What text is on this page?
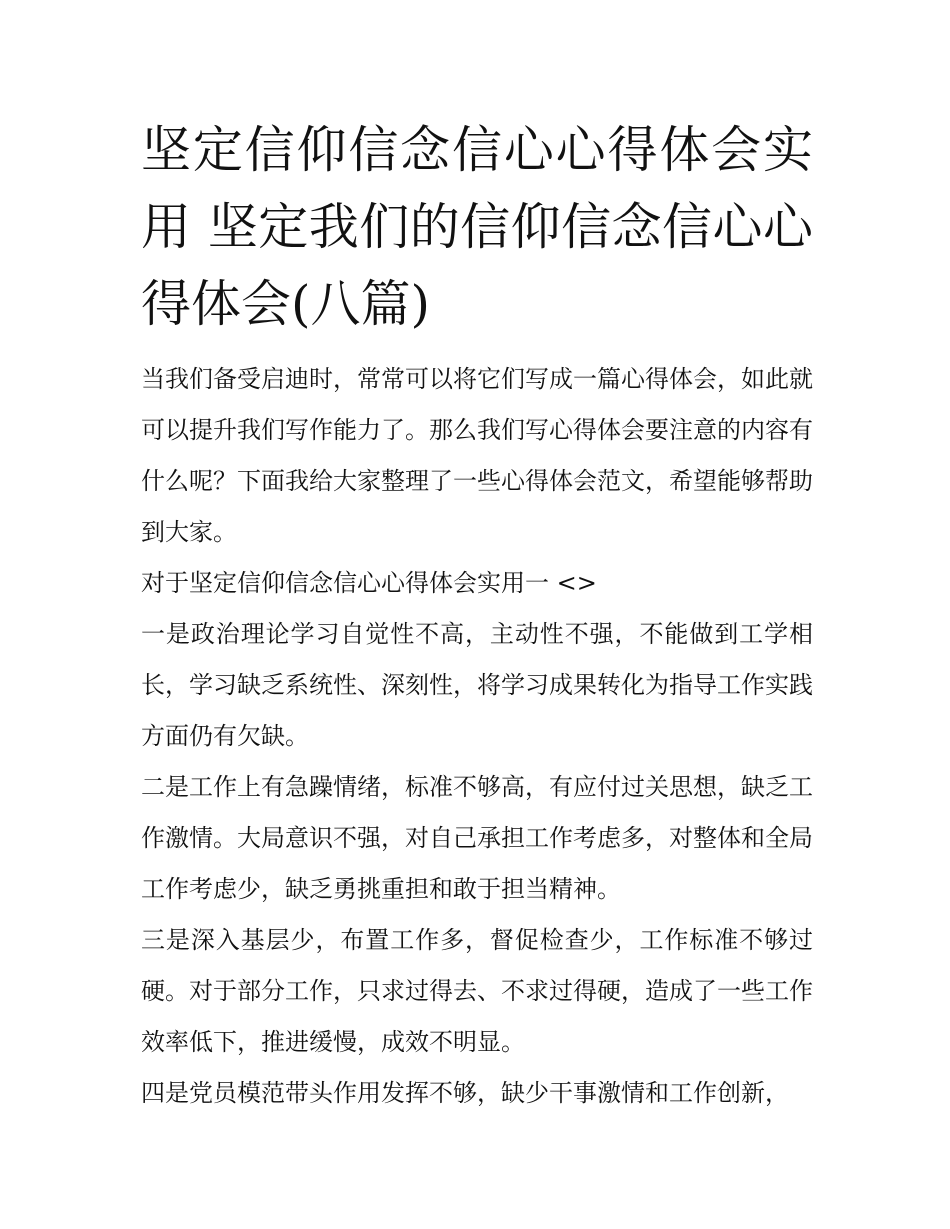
坚定信仰信念信心心得体会实用 坚定我们的信仰信念信心心得体会(八篇)

当我们备受启迪时，常常可以将它们写成一篇心得体会，如此就可以提升我们写作能力了。那么我们写心得体会要注意的内容有什么呢？下面我给大家整理了一些心得体会范文，希望能够帮助到大家。

对于坚定信仰信念信心心得体会实用一 <>

一是政治理论学习自觉性不高，主动性不强，不能做到工学相长，学习缺乏系统性、深刻性，将学习成果转化为指导工作实践方面仍有欠缺。

二是工作上有急躁情绪，标准不够高，有应付过关思想，缺乏工作激情。大局意识不强，对自己承担工作考虑多，对整体和全局工作考虑少，缺乏勇挑重担和敢于担当精神。

三是深入基层少，布置工作多，督促检查少，工作标准不够过硬。对于部分工作，只求过得去、不求过得硬，造成了一些工作效率低下，推进缓慢，成效不明显。

四是党员模范带头作用发挥不够，缺少干事激情和工作创新，
